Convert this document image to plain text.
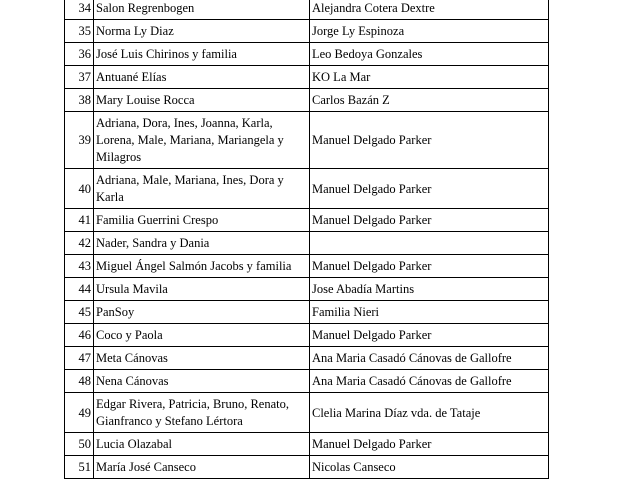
34	Salon Regrenbogen	Alejandra Cotera Dextre
35	Norma Ly Diaz	Jorge Ly Espinoza
36	José Luis Chirinos y familia	Leo Bedoya Gonzales
37	Antuané Elías	KO La Mar
38	Mary Louise Rocca	Carlos Bazán Z
39	Adriana, Dora, Ines, Joanna, Karla, Lorena, Male, Mariana, Mariangela y Milagros	Manuel Delgado Parker
40	Adriana, Male, Mariana, Ines, Dora y Karla	Manuel Delgado Parker
41	Familia Guerrini Crespo	Manuel Delgado Parker
42	Nader, Sandra y Dania	
43	Miguel Ángel Salmón Jacobs y familia	Manuel Delgado Parker
44	Ursula Mavila	Jose Abadía Martins
45	PanSoy	Familia Nieri
46	Coco y Paola	Manuel Delgado Parker
47	Meta Cánovas	Ana Maria Casadó Cánovas de Gallofre
48	Nena Cánovas	Ana Maria Casadó Cánovas de Gallofre
49	Edgar Rivera, Patricia, Bruno, Renato, Gianfranco y Stefano Lértora	Clelia Marina Díaz vda. de Tataje
50	Lucia Olazabal	Manuel Delgado Parker
51	María José Canseco	Nicolas Canseco
